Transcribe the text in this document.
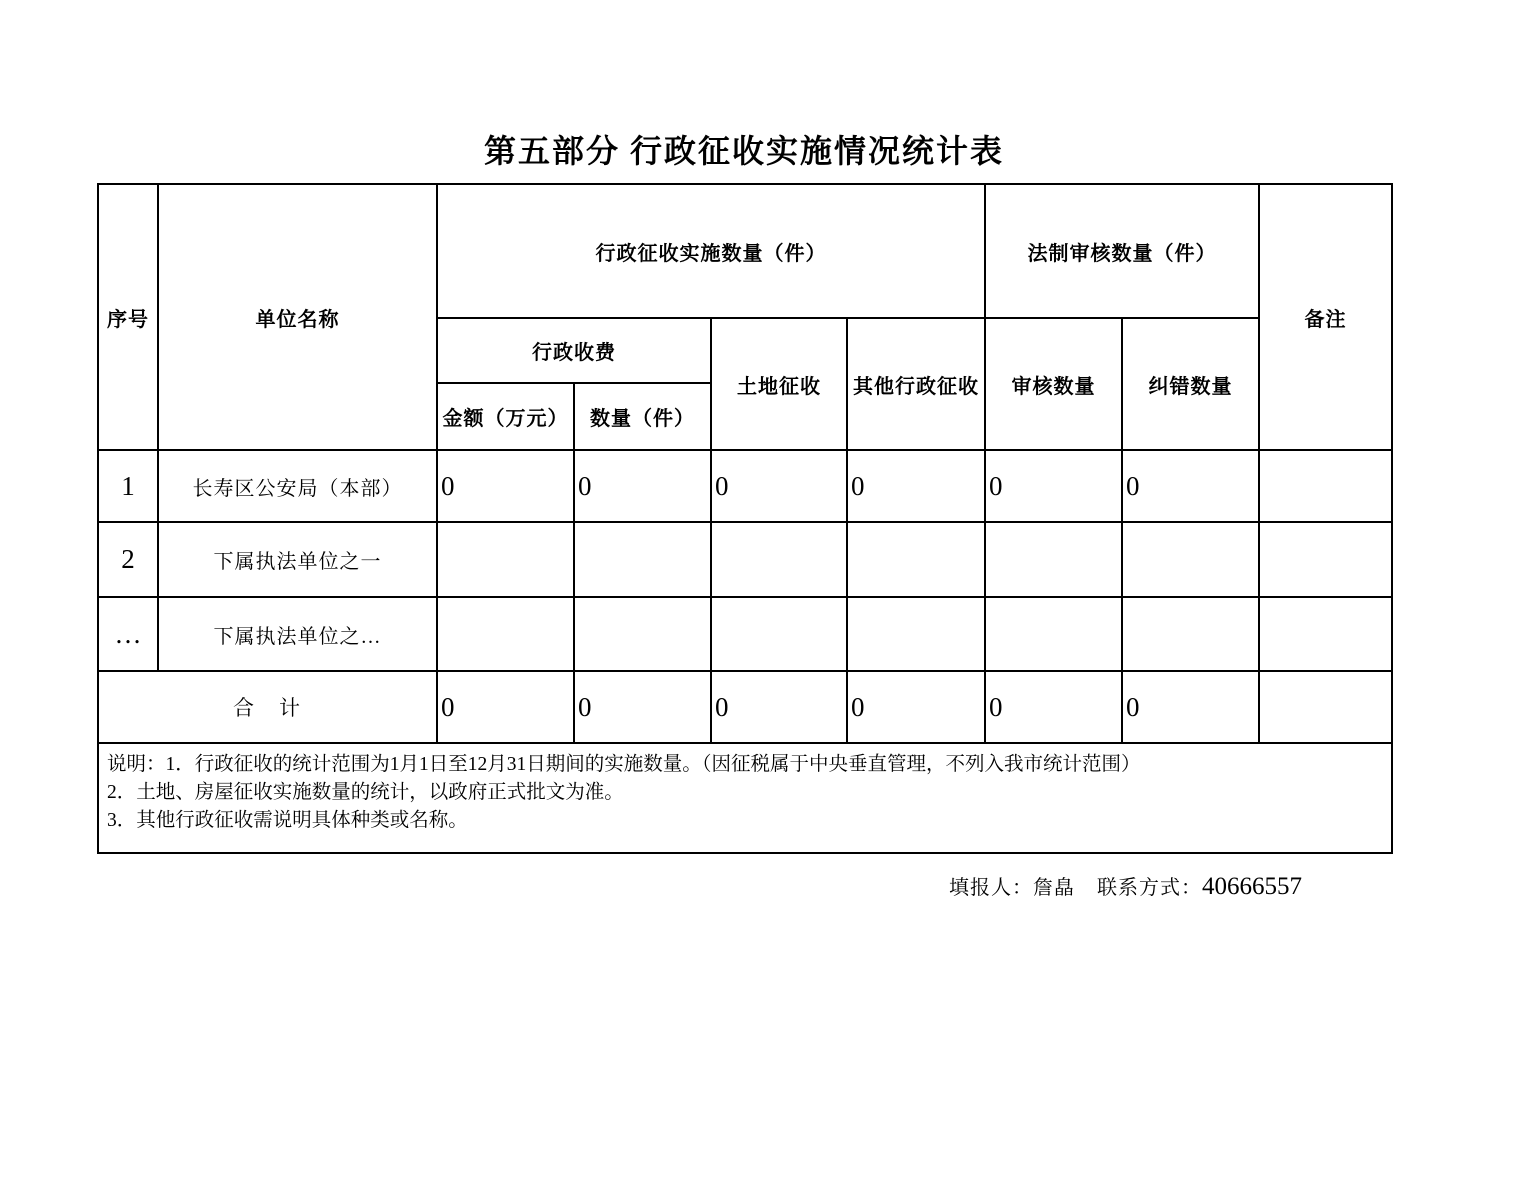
第五部分 行政征收实施情况统计表
序号	单位名称	行政征收实施数量（件）				法制审核数量（件）		备注
		行政收费		土地征收	其他行政征收	审核数量	纠错数量	
		金额（万元）	数量（件）					
1	长寿区公安局（本部）	0	0	0	0	0	0	
2	下属执法单位之一							
…	下属执法单位之…							
合　计		0	0	0	0	0	0	

说明：1．行政征收的统计范围为1月1日至12月31日期间的实施数量。（因征税属于中央垂直管理，不列入我市统计范围）
2．土地、房屋征收实施数量的统计，以政府正式批文为准。
3．其他行政征收需说明具体种类或名称。								
填报人：詹皛 联系方式：40666557
